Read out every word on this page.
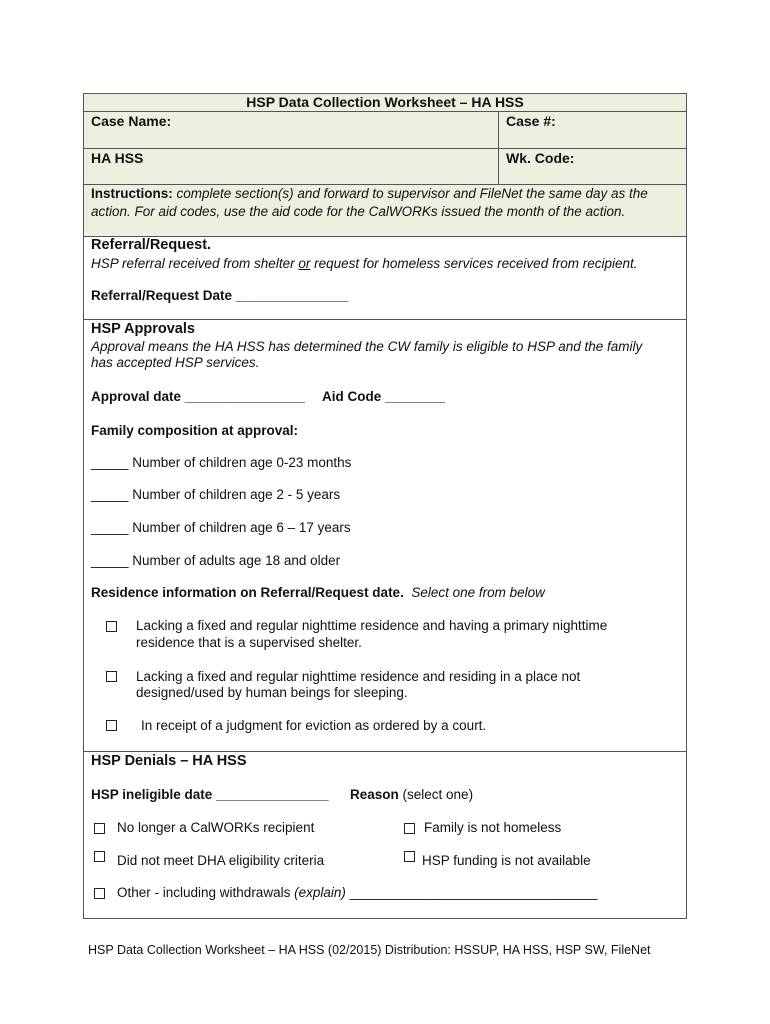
HSP Data Collection Worksheet – HA HSS
Case Name:	Case #:
HA HSS	Wk. Code:
Instructions: complete section(s) and forward to supervisor and FileNet the same day as the action. For aid codes, use the aid code for the CalWORKs issued the month of the action.
Referral/Request.
HSP referral received from shelter or request for homeless services received from recipient.
Referral/Request Date _______________
HSP Approvals
Approval means the HA HSS has determined the CW family is eligible to HSP and the family
has accepted HSP services.
Approval date ________________ Aid Code ________
Family composition at approval:
_____ Number of children age 0-23 months
_____ Number of children age 2 - 5 years
_____ Number of children age 6 – 17 years
_____ Number of adults age 18 and older
Residence information on Referral/Request date. Select one from below
Lacking a fixed and regular nighttime residence and having a primary nighttime
residence that is a supervised shelter.
Lacking a fixed and regular nighttime residence and residing in a place not
designed/used by human beings for sleeping.
In receipt of a judgment for eviction as ordered by a court.
HSP Denials – HA HSS
HSP ineligible date _______________ Reason (select one)
No longer a CalWORKs recipient	Family is not homeless
Did not meet DHA eligibility criteria	HSP funding is not available
Other - including withdrawals (explain) _________________________________
HSP Data Collection Worksheet – HA HSS (02/2015) Distribution: HSSUP, HA HSS, HSP SW, FileNet
